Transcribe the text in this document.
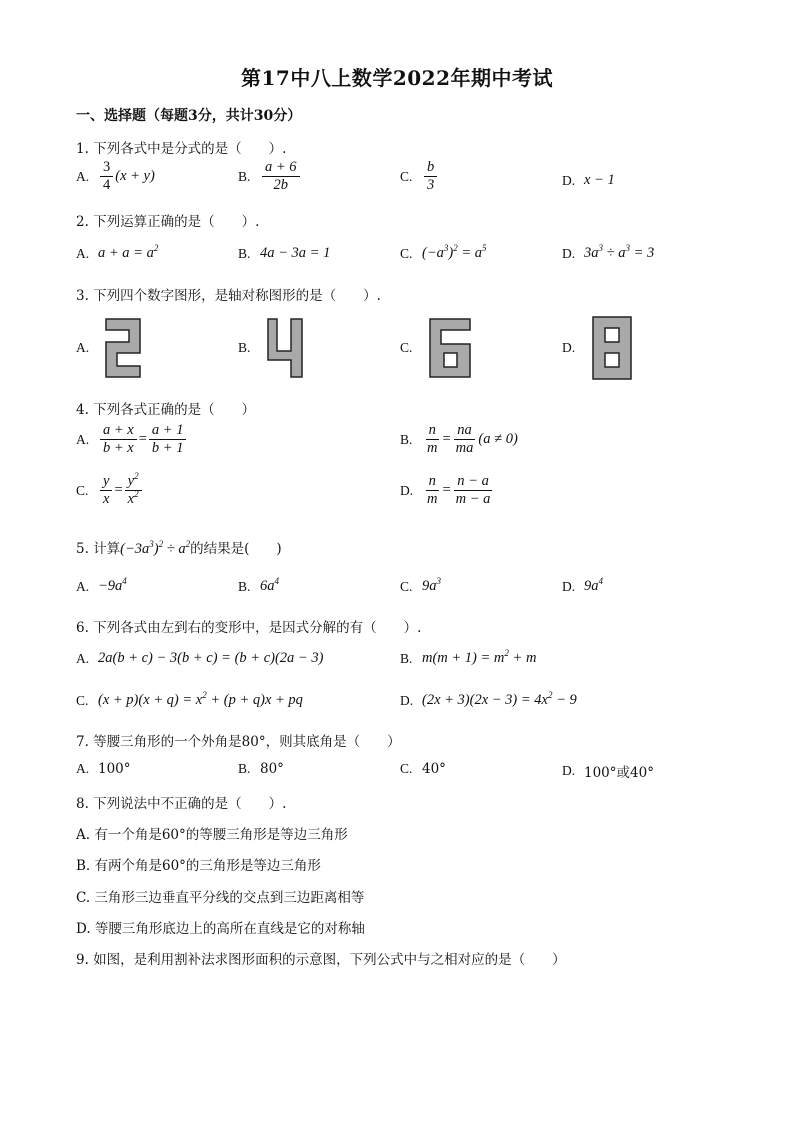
第17中八上数学2022年期中考试
一、选择题（每题3分，共计30分）
1. 下列各式中是分式的是（　　）.
A. $\frac{3}{4} (x + y)$	B. $\frac{a + 6}{2b}$	C. $\frac{b}{3}$	D. x − 1
2. 下列运算正确的是（　　）.
A. $a + a = a^2$	B. 4a − 3a = 1	C. $(-a^3)^2 = a^5$	D. $3a^3 \div a^3 = 3$
3. 下列四个数字图形，是轴对称图形的是（　　）.
A.	B.	C.	D.
4. 下列各式正确的是（　　）
A. $\frac{a + x}{b + x} = \frac{a + 1}{b + 1}$	B. $\frac{n}{m} = \frac{na}{ma} (a \ne 0)$
C. $\frac{y}{x} = \frac{y^2}{x^2}$	D. $\frac{n}{m} = \frac{n - a}{m - a}$
5. 计算$(-3a^3)^2 \div a^2$的结果是(　　)
A. $-9a^4$	B. $6a^4$	C. $9a^3$	D. $9a^4$
6. 下列各式由左到右的变形中，是因式分解的有（　　）.
A. 2a(b + c) − 3(b + c) = (b + c)(2a − 3)	B. $m(m + 1) = m^2 + m$
C. $(x + p)(x + q) = x^2 + (p + q)x$ + pq	D. $(2x + 3)(2x - 3) = 4x^2 - 9$
7. 等腰三角形的一个外角是80°，则其底角是（　　）
A. 100°	B. 80°	C. 40°	D. 100°或40°
8. 下列说法中不正确的是（　　）.
A. 有一个角是60°的等腰三角形是等边三角形
B. 有两个角是60°的三角形是等边三角形
C. 三角形三边垂直平分线的交点到三边距离相等
D. 等腰三角形底边上的高所在直线是它的对称轴
9. 如图，是利用割补法求图形面积的示意图，下列公式中与之相对应的是（　　）
